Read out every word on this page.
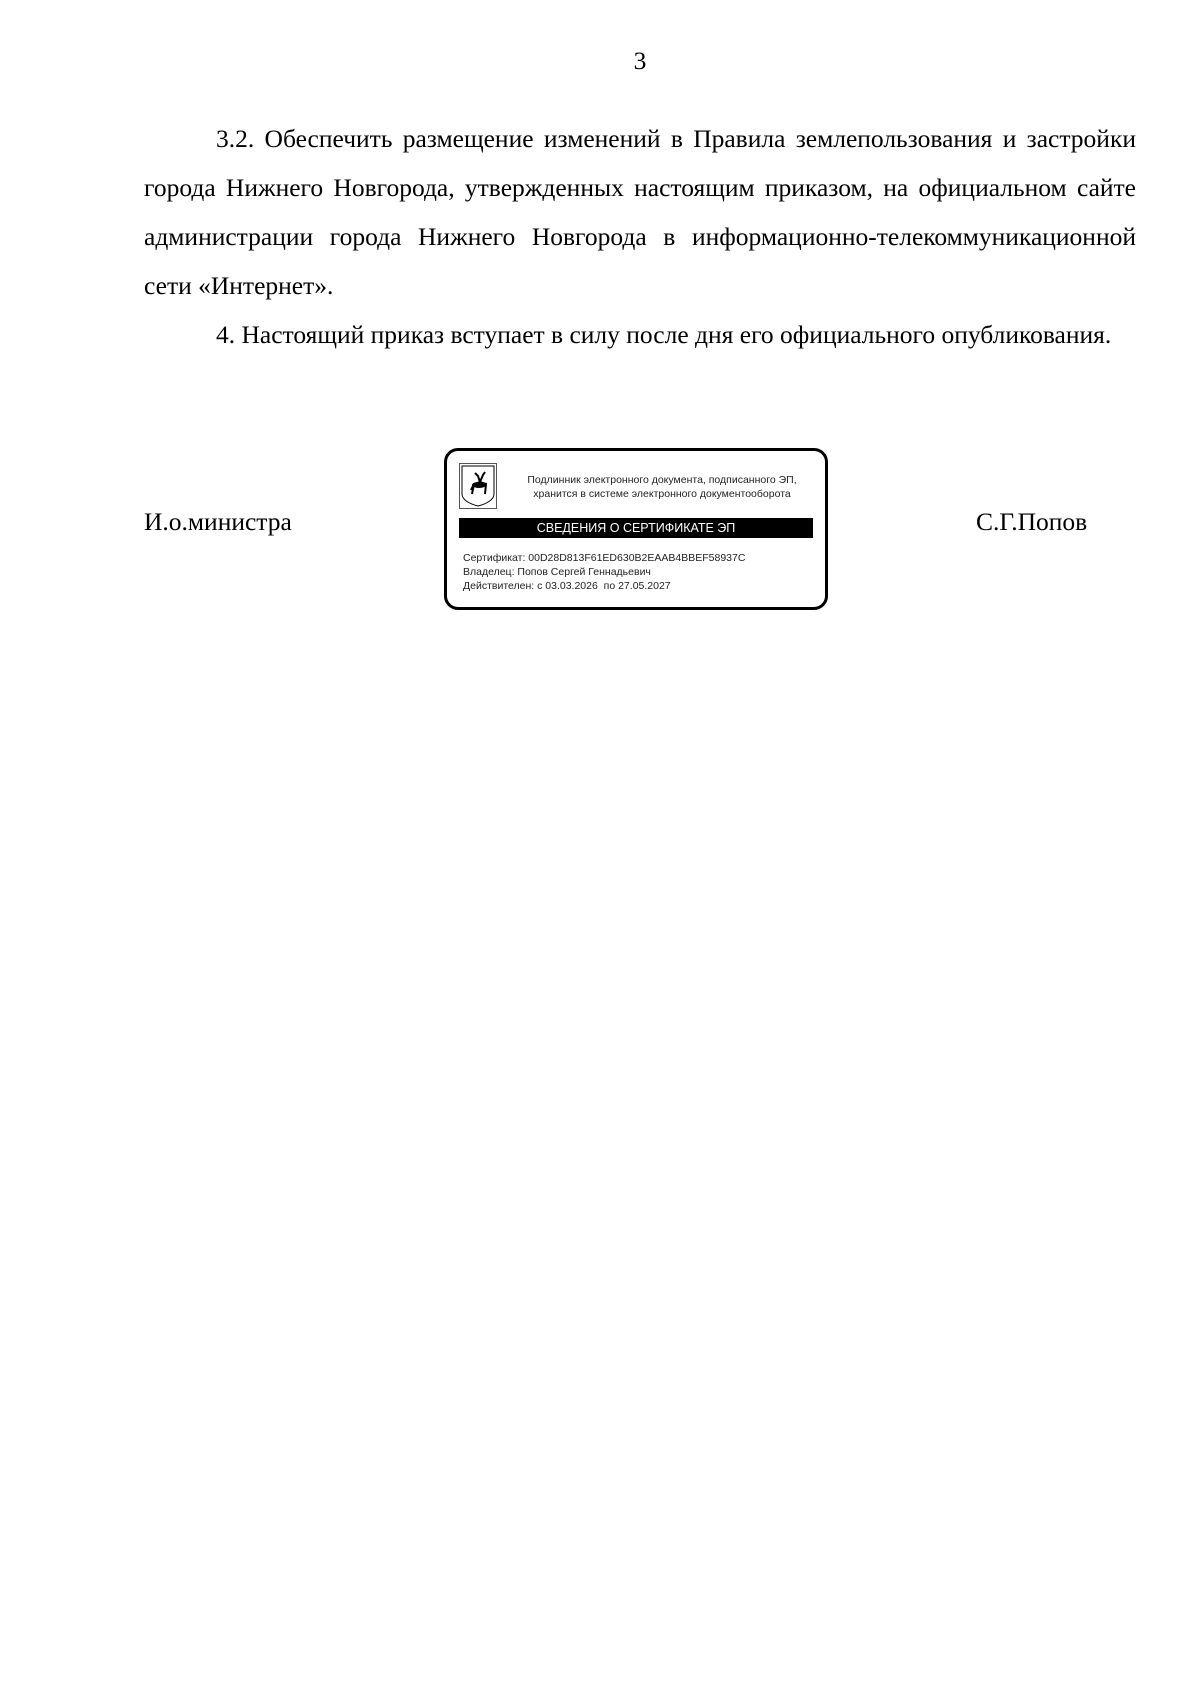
3

3.2. Обеспечить размещение изменений в Правила землепользования и застройки города Нижнего Новгорода, утвержденных настоящим приказом, на официальном сайте администрации города Нижнего Новгорода в информационно-телекоммуникационной сети «Интернет».

4. Настоящий приказ вступает в силу после дня его официального опубликования.

И.о.министра	С.Г.Попов
Подлинник электронного документа, подписанного ЭП,
хранится в системе электронного документооборота
СВЕДЕНИЯ О СЕРТИФИКАТЕ ЭП
Сертификат: 00D28D813F61ED630B2EAAB4BBEF58937C
Владелец: Попов Сергей Геннадьевич
Действителен: с 03.03.2026  по 27.05.2027
